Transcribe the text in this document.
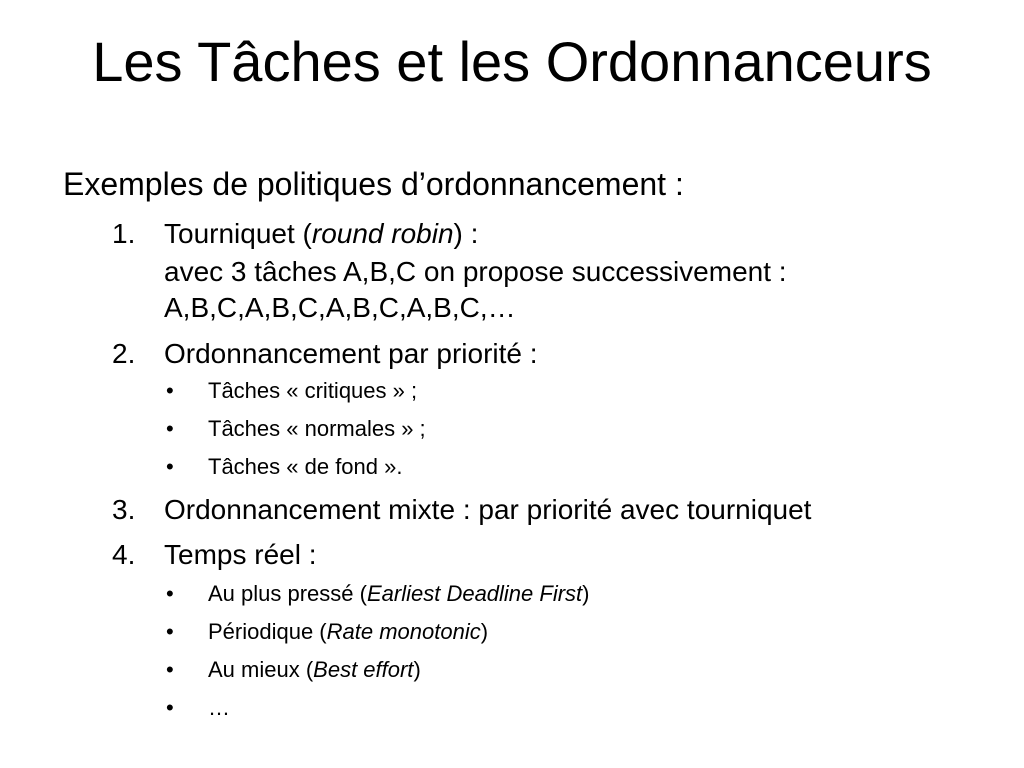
Les Tâches et les Ordonnanceurs
Exemples de politiques d’ordonnancement :
1.	Tourniquet (round robin) :
avec 3 tâches A,B,C on propose successivement :
A,B,C,A,B,C,A,B,C,A,B,C,…
2.	Ordonnancement par priorité :
• Tâches « critiques » ;
• Tâches « normales » ;
• Tâches « de fond ».
3.	Ordonnancement mixte : par priorité avec tourniquet
4.	Temps réel :
• Au plus pressé (Earliest Deadline First)
• Périodique (Rate monotonic)
• Au mieux (Best effort)
• …
